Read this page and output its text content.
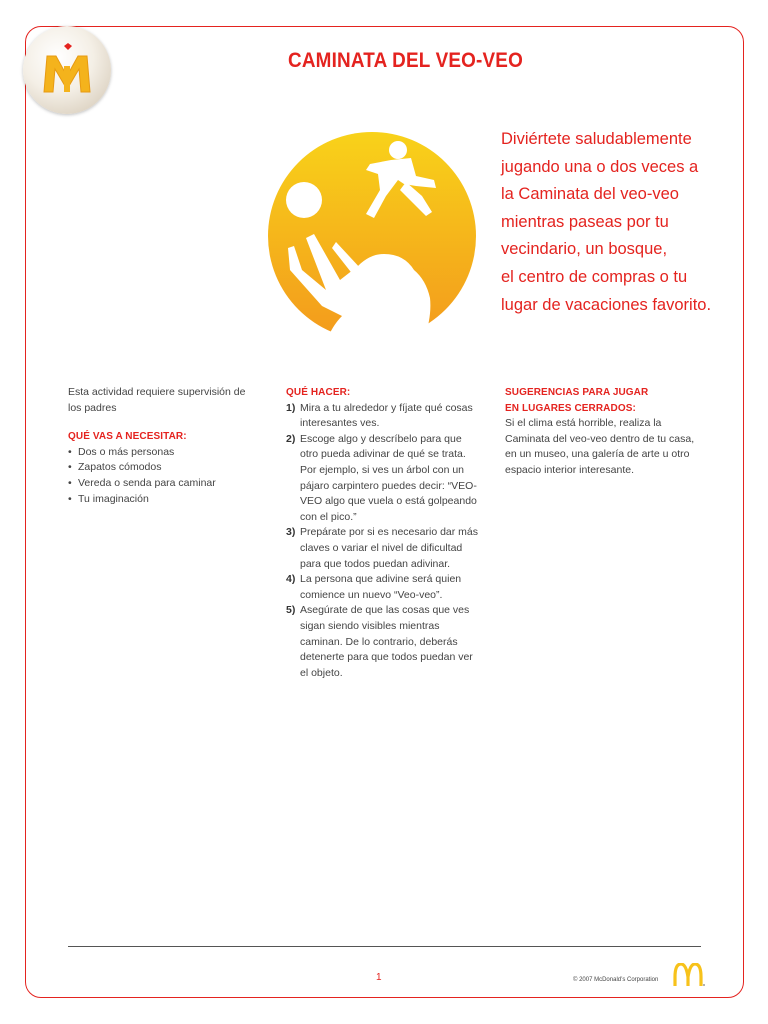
CAMINATA DEL VEO-VEO
Diviértete saludablemente
jugando una o dos veces a
la Caminata del veo-veo
mientras paseas por tu
vecindario, un bosque,
el centro de compras o tu
lugar de vacaciones favorito.
Esta actividad requiere supervisión de los padres
QUÉ VAS A NECESITAR:
• Dos o más personas
• Zapatos cómodos
• Vereda o senda para caminar
• Tu imaginación
QUÉ HACER:
1) Mira a tu alrededor y fíjate qué cosas interesantes ves.
2) Escoge algo y descríbelo para que otro pueda adivinar de qué se trata. Por ejemplo, si ves un árbol con un pájaro carpintero puedes decir: “VEO-VEO algo que vuela o está golpeando con el pico.”
3) Prepárate por si es necesario dar más claves o variar el nivel de dificultad para que todos puedan adivinar.
4) La persona que adivine será quien comience un nuevo “Veo-veo”.
5) Asegúrate de que las cosas que ves sigan siendo visibles mientras caminan. De lo contrario, deberás detenerte para que todos puedan ver el objeto.
SUGERENCIAS PARA JUGAR
EN LUGARES CERRADOS:
Si el clima está horrible, realiza la Caminata del veo-veo dentro de tu casa, en un museo, una galería de arte u otro espacio interior interesante.
1	© 2007 McDonald’s Corporation
